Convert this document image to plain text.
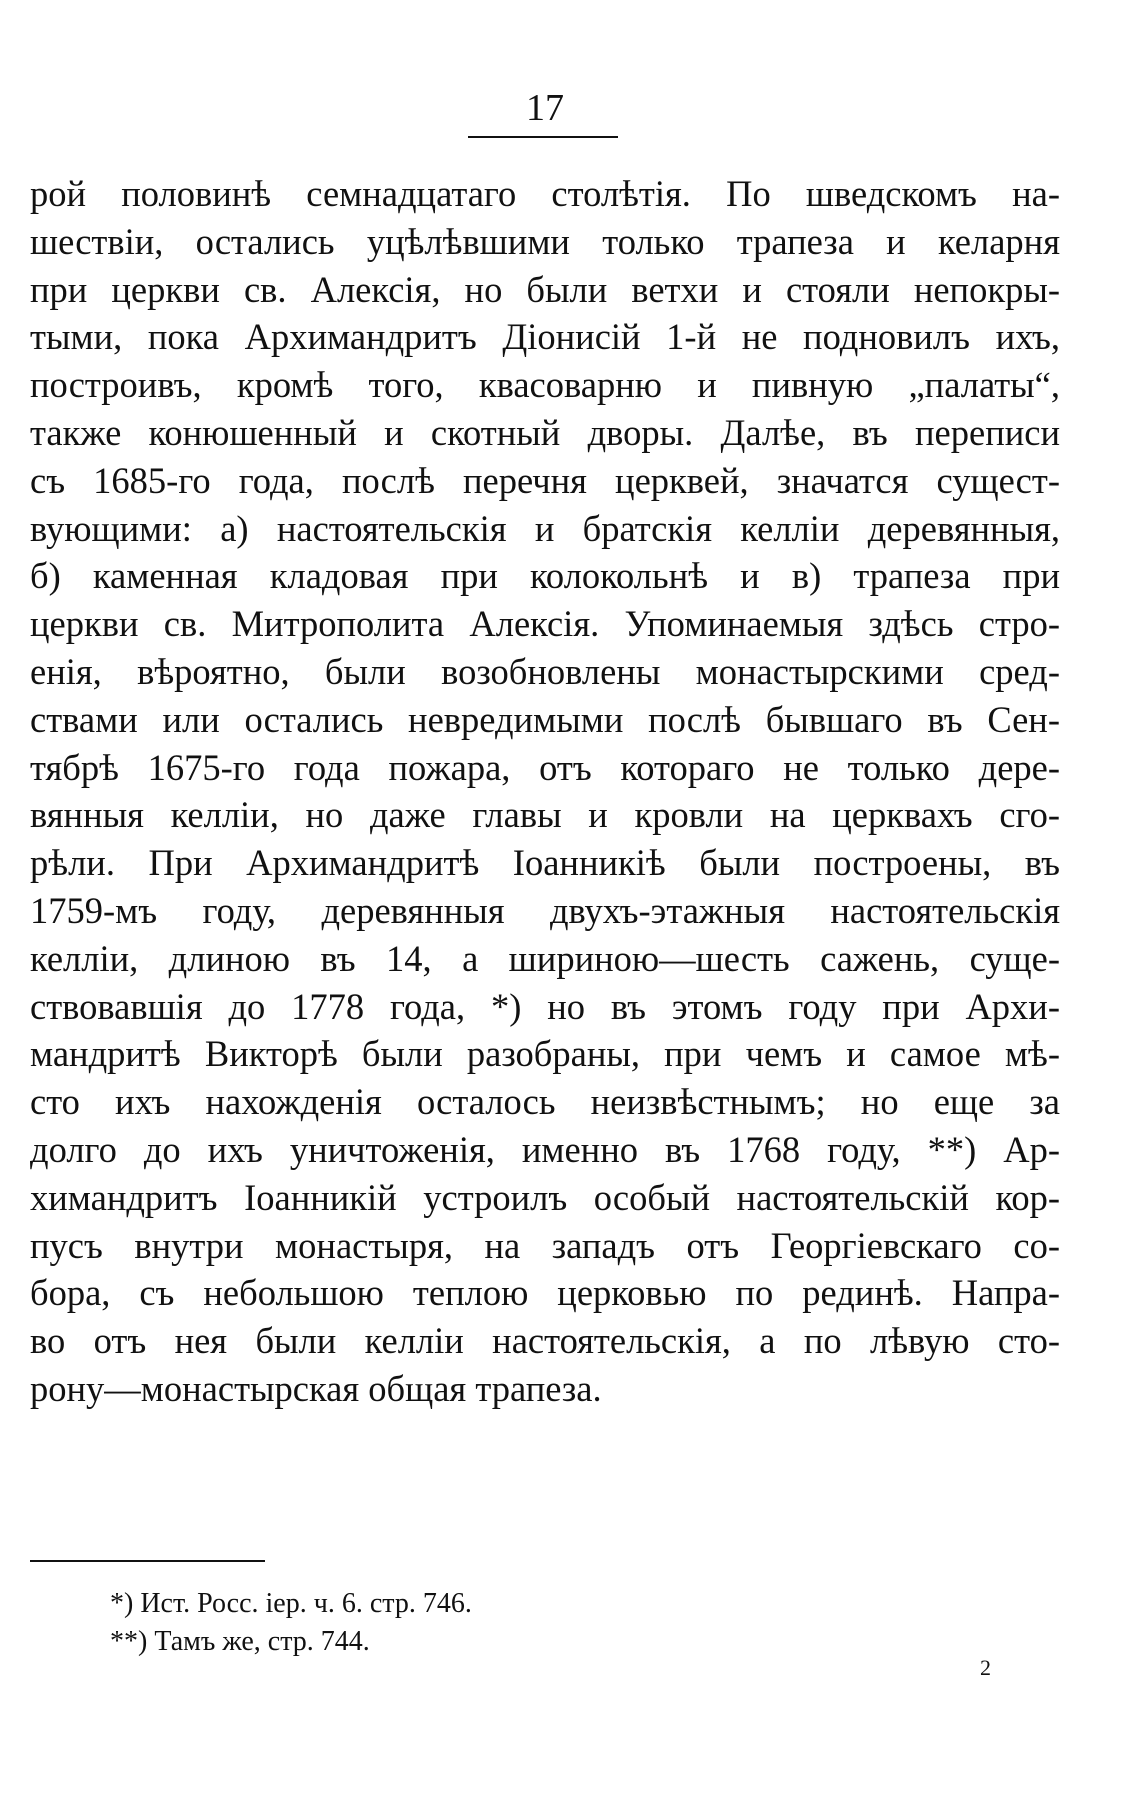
17
рой половинѣ семнадцатаго столѣтія. По шведскомъ на-
шествіи, остались уцѣлѣвшими только трапеза и келарня
при церкви св. Алексія, но были ветхи и стояли непокры-
тыми, пока Архимандритъ Діонисій 1-й не подновилъ ихъ,
построивъ, кромѣ того, квасоварню и пивную „палаты“,
также конюшенный и скотный дворы. Далѣе, въ переписи
съ 1685-го года, послѣ перечня церквей, значатся сущест-
вующими: а) настоятельскія и братскія келліи деревянныя,
б) каменная кладовая при колокольнѣ и в) трапеза при
церкви св. Митрополита Алексія. Упоминаемыя здѣсь стро-
енія, вѣроятно, были возобновлены монастырскими сред-
ствами или остались невредимыми послѣ бывшаго въ Сен-
тябрѣ 1675-го года пожара, отъ котораго не только дере-
вянныя келліи, но даже главы и кровли на церквахъ сго-
рѣли. При Архимандритѣ Іоанникіѣ были построены, въ
1759-мъ году, деревянныя двухъ-этажныя настоятельскія
келліи, длиною въ 14, а шириною—шесть сажень, суще-
ствовавшія до 1778 года, *) но въ этомъ году при Архи-
мандритѣ Викторѣ были разобраны, при чемъ и самое мѣ-
сто ихъ нахожденія осталось неизвѣстнымъ; но еще за
долго до ихъ уничтоженія, именно въ 1768 году, **) Ар-
химандритъ Іоанникій устроилъ особый настоятельскій кор-
пусъ внутри монастыря, на западъ отъ Георгіевскаго со-
бора, съ небольшою теплою церковью по рединѣ. Напра-
во отъ нея были келліи настоятельскія, а по лѣвую сто-
рону—монастырская общая трапеза.
*) Ист. Росс. іер. ч. 6. стр. 746.
**) Тамъ же, стр. 744.
2
